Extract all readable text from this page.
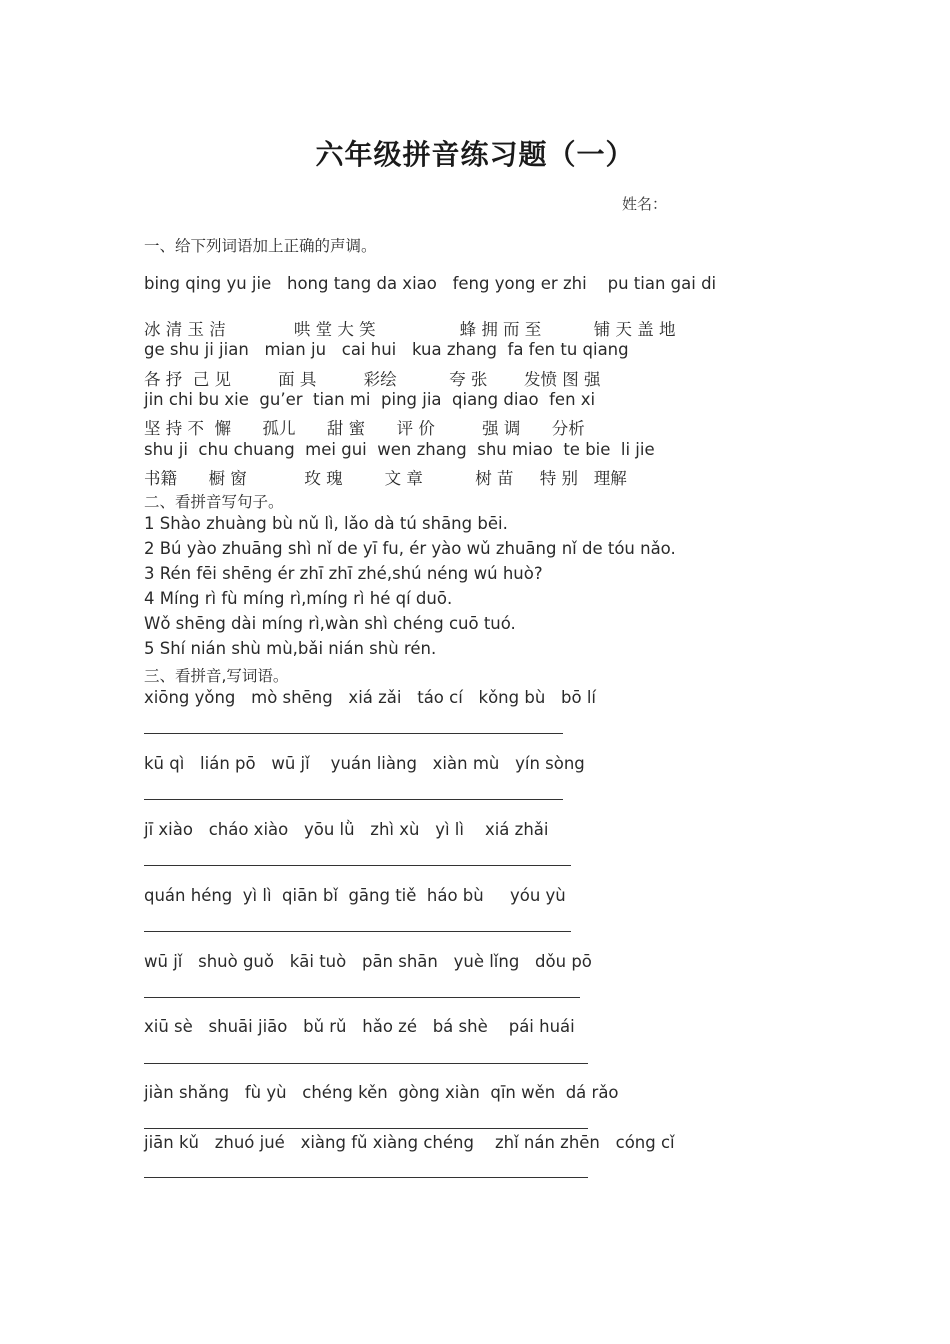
六年级拼音练习题（一）
姓名：
一、给下列词语加上正确的声调。
bing qing yu jie   hong tang da xiao   feng yong er zhi    pu tian gai di
冰 清 玉 洁             哄 堂 大 笑                蜂 拥 而 至          铺 天 盖 地
ge shu ji jian   mian ju   cai hui   kua zhang  fa fen tu qiang
各 抒  己 见         面 具         彩绘          夸 张       发愤 图 强
jin chi bu xie  gu’er  tian mi  ping jia  qiang diao  fen xi
坚 持 不  懈      孤儿      甜 蜜      评 价         强 调      分析
shu ji  chu chuang  mei gui  wen zhang  shu miao  te bie  li jie
书籍      橱 窗           玫 瑰        文 章          树 苗     特 别   理解
二、看拼音写句子。
1 Shào zhuàng bù nǔ lì, lǎo dà tú shāng bēi.
2 Bú yào zhuāng shì nǐ de yī fu, ér yào wǔ zhuāng nǐ de tóu nǎo.
3 Rén fēi shēng ér zhī zhī zhé,shú néng wú huò?
4 Míng rì fù míng rì,míng rì hé qí duō.
Wǒ shēng dài míng rì,wàn shì chéng cuō tuó.
5 Shí nián shù mù,bǎi nián shù rén.
三、看拼音,写词语。
xiōng yǒng   mò shēng   xiá zǎi   táo cí   kǒng bù   bō lí
kū qì   lián pō   wū jǐ    yuán liàng   xiàn mù   yín sòng
jī xiào   cháo xiào   yōu lǜ   zhì xù   yì lì    xiá zhǎi
quán héng  yì lì  qiān bǐ  gāng tiě  háo bù     yóu yù
wū jǐ   shuò guǒ   kāi tuò   pān shān   yuè lǐng   dǒu pō
xiū sè   shuāi jiāo   bǔ rǔ   hǎo zé   bá shè    pái huái
jiàn shǎng   fù yù   chéng kěn  gòng xiàn  qīn wěn  dá rǎo
jiān kǔ   zhuó jué   xiàng fǔ xiàng chéng    zhǐ nán zhēn   cóng cǐ
